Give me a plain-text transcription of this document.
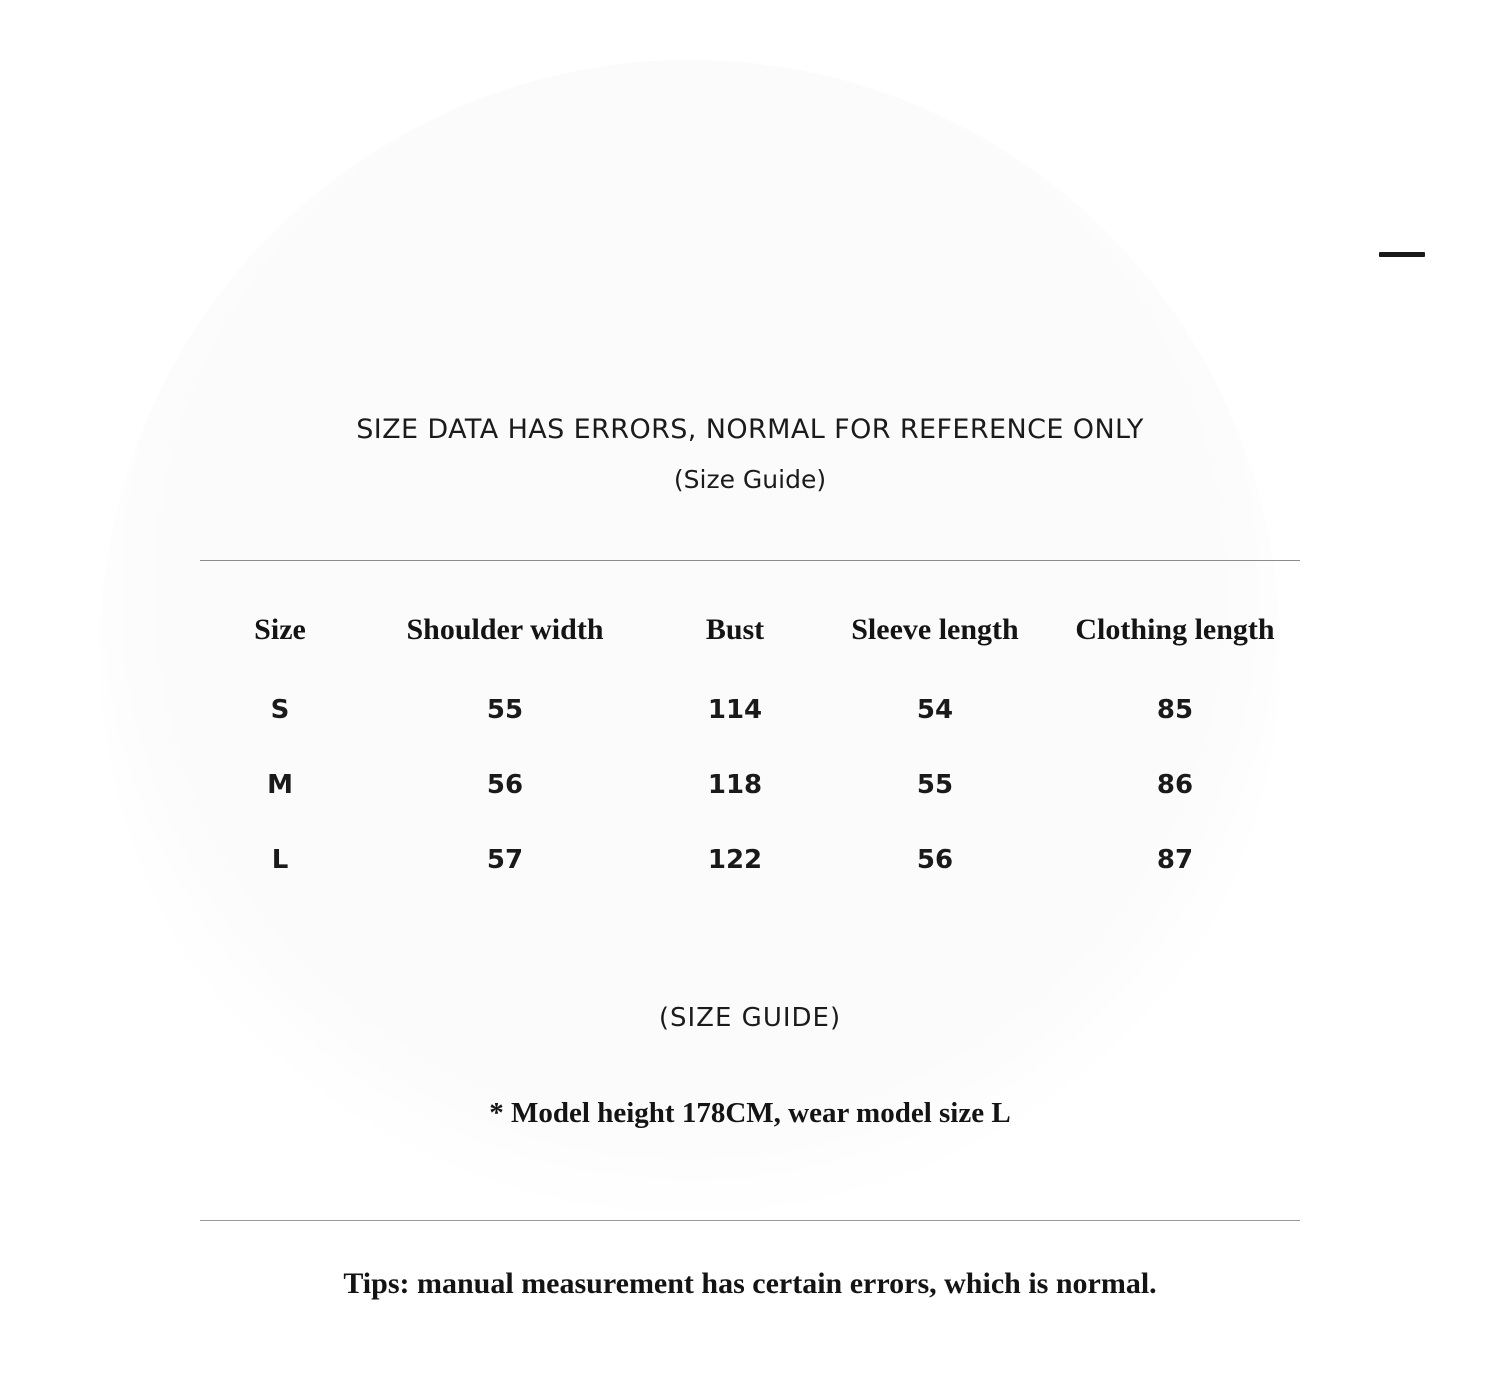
SIZE DATA HAS ERRORS, NORMAL FOR REFERENCE ONLY
(Size Guide)
Size	Shoulder width	Bust	Sleeve length	Clothing length
S	55	114	54	85
M	56	118	55	86
L	57	122	56	87
(SIZE GUIDE)
* Model height 178CM, wear model size L
Tips: manual measurement has certain errors, which is normal.
